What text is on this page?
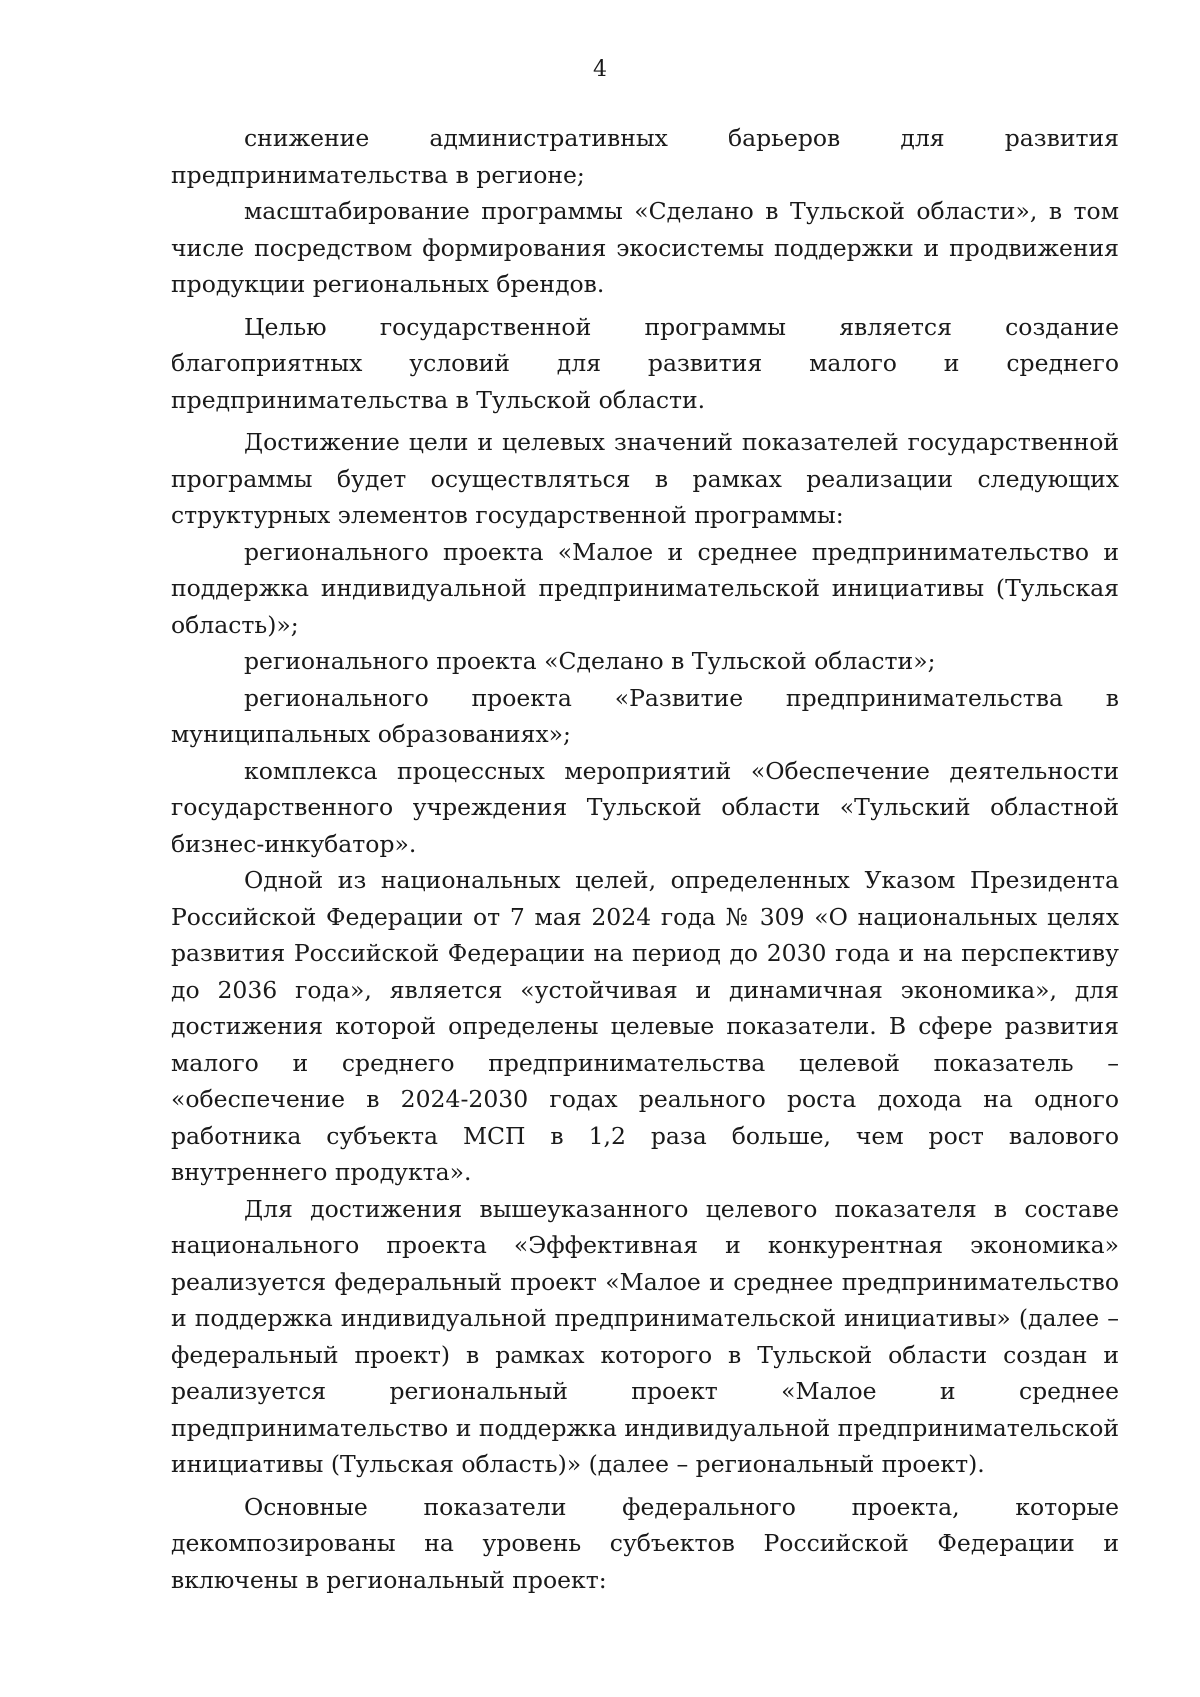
4

снижение административных барьеров для развития предпринимательства в регионе;

масштабирование программы «Сделано в Тульской области», в том числе посредством формирования экосистемы поддержки и продвижения продукции региональных брендов.

Целью государственной программы является создание благоприятных условий для развития малого и среднего предпринимательства в Тульской области.

Достижение цели и целевых значений показателей государственной программы будет осуществляться в рамках реализации следующих структурных элементов государственной программы:

регионального проекта «Малое и среднее предпринимательство и поддержка индивидуальной предпринимательской инициативы (Тульская область)»;

регионального проекта «Сделано в Тульской области»;

регионального проекта «Развитие предпринимательства в муниципальных образованиях»;

комплекса процессных мероприятий «Обеспечение деятельности государственного учреждения Тульской области «Тульский областной бизнес-инкубатор».

Одной из национальных целей, определенных Указом Президента Российской Федерации от 7 мая 2024 года № 309 «О национальных целях развития Российской Федерации на период до 2030 года и на перспективу до 2036 года», является «устойчивая и динамичная экономика», для достижения которой определены целевые показатели. В сфере развития малого и среднего предпринимательства целевой показатель – «обеспечение в 2024-2030 годах реального роста дохода на одного работника субъекта МСП в 1,2 раза больше, чем рост валового внутреннего продукта».

Для достижения вышеуказанного целевого показателя в составе национального проекта «Эффективная и конкурентная экономика» реализуется федеральный проект «Малое и среднее предпринимательство и поддержка индивидуальной предпринимательской инициативы» (далее – федеральный проект) в рамках которого в Тульской области создан и реализуется региональный проект «Малое и среднее предпринимательство и поддержка индивидуальной предпринимательской инициативы (Тульская область)» (далее – региональный проект).

Основные показатели федерального проекта, которые декомпозированы на уровень субъектов Российской Федерации и включены в региональный проект:
